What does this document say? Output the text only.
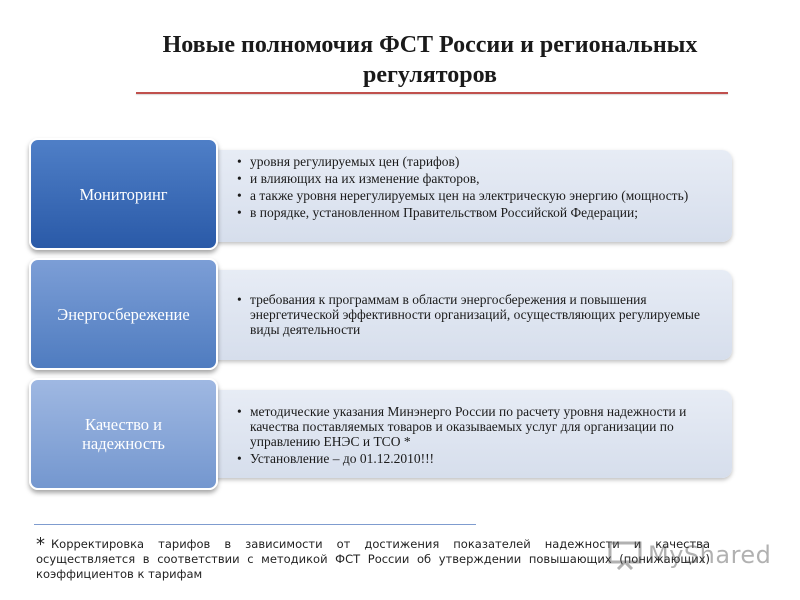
Новые полномочия ФСТ России и региональных регуляторов
• уровня регулируемых цен (тарифов)
• и влияющих на их изменение факторов,
• а также уровня нерегулируемых цен на электрическую энергию (мощность)
• в порядке, установленном Правительством Российской Федерации;
Мониторинг
• требования к программам в области энергосбережения и повышения энергетической эффективности организаций, осуществляющих регулируемые виды деятельности
Энергосбережение
• методические указания Минэнерго России по расчету уровня надежности и качества поставляемых товаров и оказываемых услуг для организации по управлению ЕНЭС и ТСО *
• Установление – до 01.12.2010!!!
Качество и надежность
* Корректировка тарифов в зависимости от достижения показателей надежности и качества осуществляется в соответствии с методикой ФСТ России об утверждении повышающих (понижающих) коэффициентов к тарифам
MyShared
